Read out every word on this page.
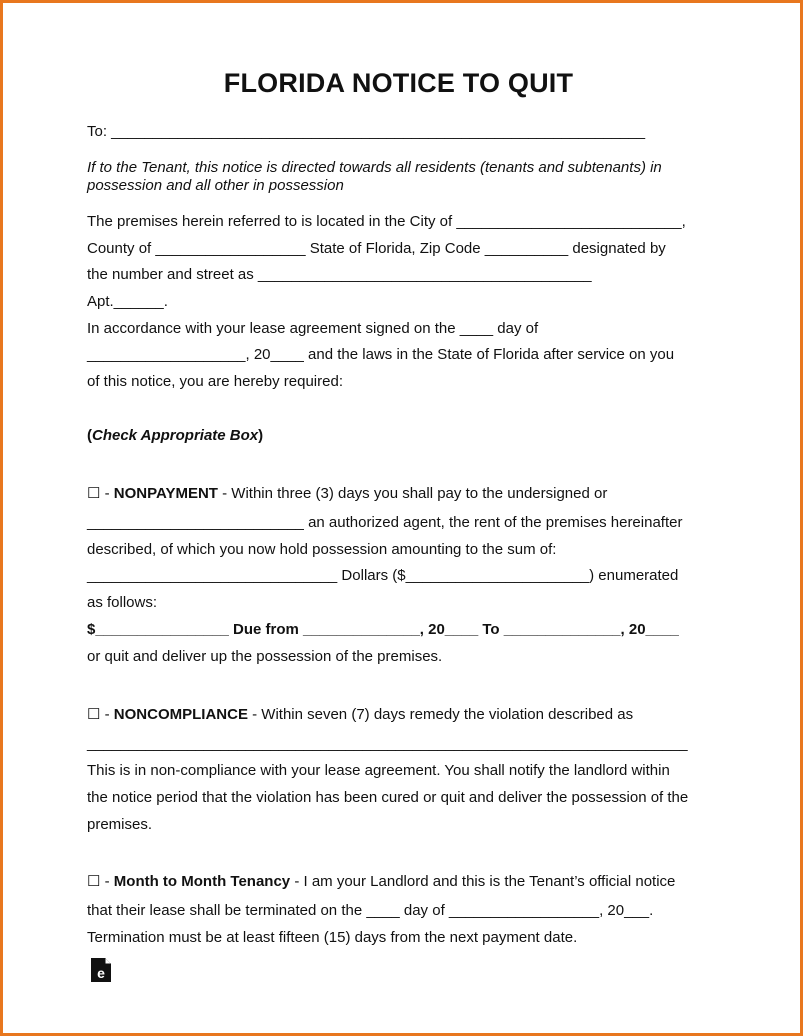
FLORIDA NOTICE TO QUIT
To: ________________________________________________________________
If to the Tenant, this notice is directed towards all residents (tenants and subtenants) in
possession and all other in possession
The premises herein referred to is located in the City of ___________________________,
County of __________________ State of Florida, Zip Code __________ designated by
the number and street as ________________________________________
Apt.______.
In accordance with your lease agreement signed on the ____ day of
___________________, 20____ and the laws in the State of Florida after service on you
of this notice, you are hereby required:
(Check Appropriate Box)
☐ - NONPAYMENT - Within three (3) days you shall pay to the undersigned or
__________________________ an authorized agent, the rent of the premises hereinafter
described, of which you now hold possession amounting to the sum of:
______________________________ Dollars ($______________________) enumerated
as follows:
$________________ Due from ______________, 20____ To ______________, 20____
or quit and deliver up the possession of the premises.
☐ - NONCOMPLIANCE - Within seven (7) days remedy the violation described as
________________________________________________________________________
This is in non-compliance with your lease agreement. You shall notify the landlord within
the notice period that the violation has been cured or quit and deliver the possession of the
premises.
☐ - Month to Month Tenancy - I am your Landlord and this is the Tenant’s official notice
that their lease shall be terminated on the ____ day of __________________, 20___.
Termination must be at least fifteen (15) days from the next payment date.
e
